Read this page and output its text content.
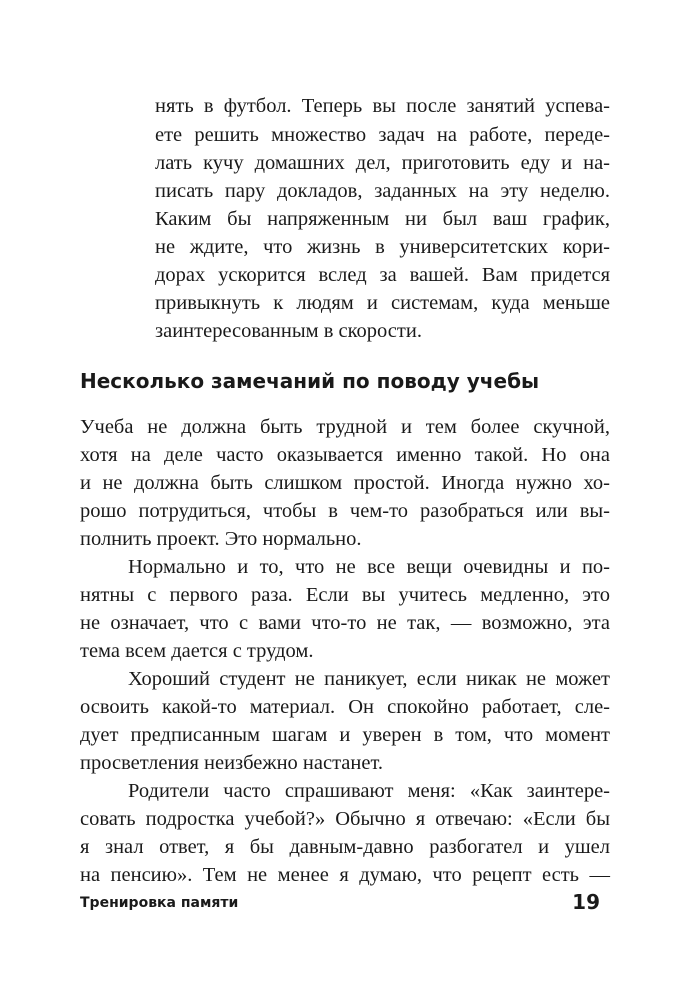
нять в футбол. Теперь вы после занятий успева-

ете решить множество задач на работе, переде-

лать кучу домашних дел, приготовить еду и на-

писать пару докладов, заданных на эту неделю.

Каким бы напряженным ни был ваш график,

не ждите, что жизнь в университетских кори-

дорах ускорится вслед за вашей. Вам придется

привыкнуть к людям и системам, куда меньше

заинтересованным в скорости.

Несколько замечаний по поводу учебы

Учеба не должна быть трудной и тем более скучной,

хотя на деле часто оказывается именно такой. Но она

и не должна быть слишком простой. Иногда нужно хо-

рошо потрудиться, чтобы в чем-то разобраться или вы-

полнить проект. Это нормально.

Нормально и то, что не все вещи очевидны и по-

нятны с первого раза. Если вы учитесь медленно, это

не означает, что с вами что-то не так, — возможно, эта

тема всем дается с трудом.

Хороший студент не паникует, если никак не может

освоить какой-то материал. Он спокойно работает, сле-

дует предписанным шагам и уверен в том, что момент

просветления неизбежно настанет.

Родители часто спрашивают меня: «Как заинтере-

совать подростка учебой?» Обычно я отвечаю: «Если бы

я знал ответ, я бы давным-давно разбогател и ушел

на пенсию». Тем не менее я думаю, что рецепт есть —

Тренировка памяти	19
